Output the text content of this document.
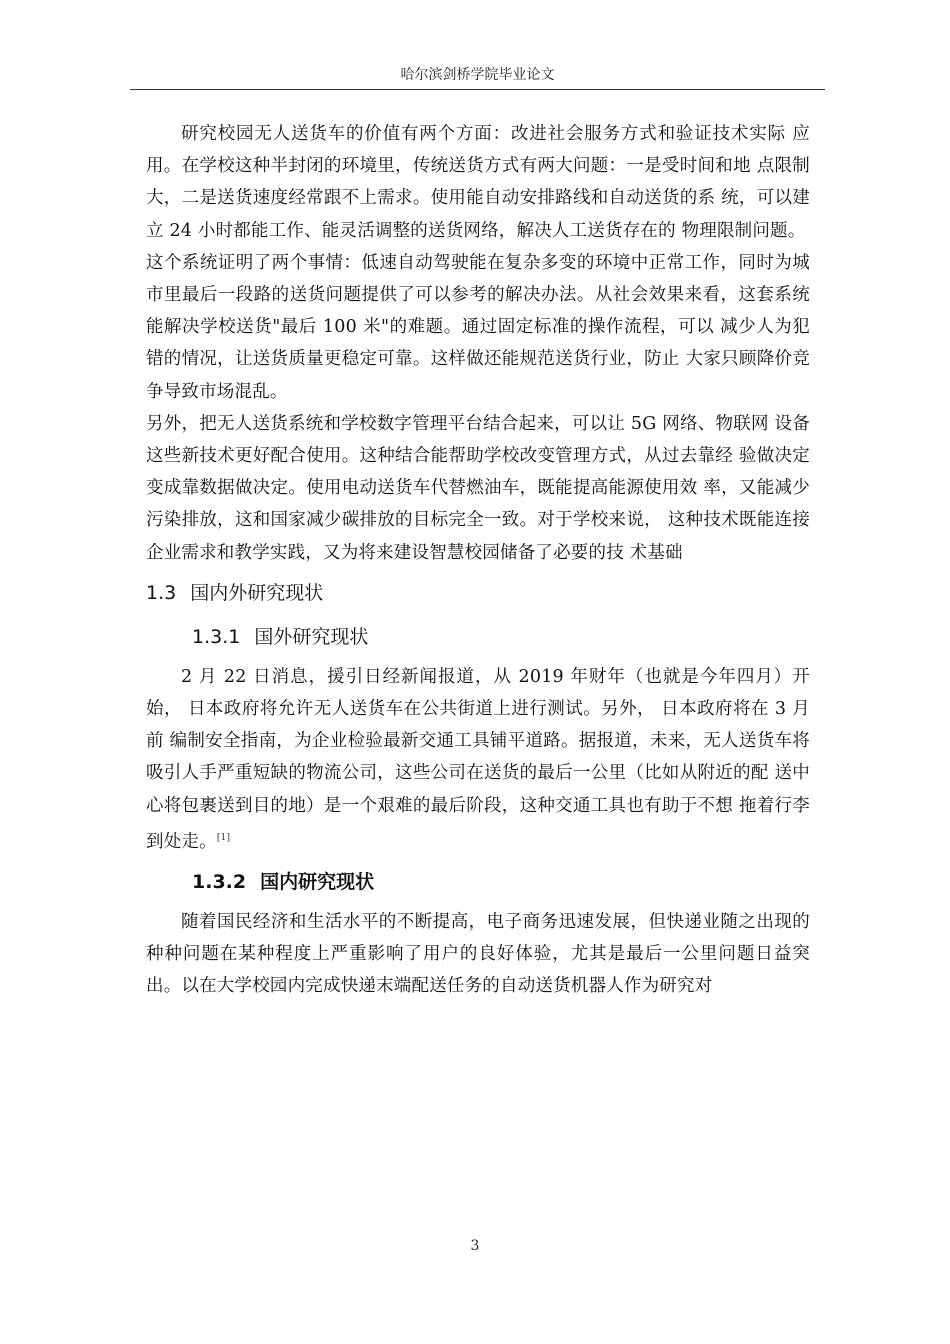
哈尔滨剑桥学院毕业论文

研究校园无人送货车的价值有两个方面：改进社会服务方式和验证技术实际 应用。在学校这种半封闭的环境里，传统送货方式有两大问题：一是受时间和地 点限制大，二是送货速度经常跟不上需求。使用能自动安排路线和自动送货的系 统，可以建立 24 小时都能工作、能灵活调整的送货网络，解决人工送货存在的 物理限制问题。

这个系统证明了两个事情：低速自动驾驶能在复杂多变的环境中正常工作，同时为城市里最后一段路的送货问题提供了可以参考的解决办法。从社会效果来看，这套系统能解决学校送货"最后 100 米"的难题。通过固定标准的操作流程，可以 减少人为犯错的情况，让送货质量更稳定可靠。这样做还能规范送货行业，防止 大家只顾降价竞争导致市场混乱。

另外，把无人送货系统和学校数字管理平台结合起来，可以让 5G 网络、物联网 设备这些新技术更好配合使用。这种结合能帮助学校改变管理方式，从过去靠经 验做决定变成靠数据做决定。使用电动送货车代替燃油车，既能提高能源使用效 率，又能减少污染排放，这和国家减少碳排放的目标完全一致。对于学校来说， 这种技术既能连接企业需求和教学实践，又为将来建设智慧校园储备了必要的技 术基础

1.3 国内外研究现状
1.3.1 国外研究现状

2 月 22 日消息，援引日经新闻报道，从 2019 年财年（也就是今年四月）开始， 日本政府将允许无人送货车在公共街道上进行测试。另外， 日本政府将在 3 月前 编制安全指南，为企业检验最新交通工具铺平道路。据报道，未来，无人送货车将 吸引人手严重短缺的物流公司，这些公司在送货的最后一公里（比如从附近的配 送中心将包裹送到目的地）是一个艰难的最后阶段，这种交通工具也有助于不想 拖着行李到处走。[1]

1.3.2 国内研究现状

随着国民经济和生活水平的不断提高，电子商务迅速发展，但快递业随之出现的种种问题在某种程度上严重影响了用户的良好体验，尤其是最后一公里问题日益突出。以在大学校园内完成快递末端配送任务的自动送货机器人作为研究对

3
